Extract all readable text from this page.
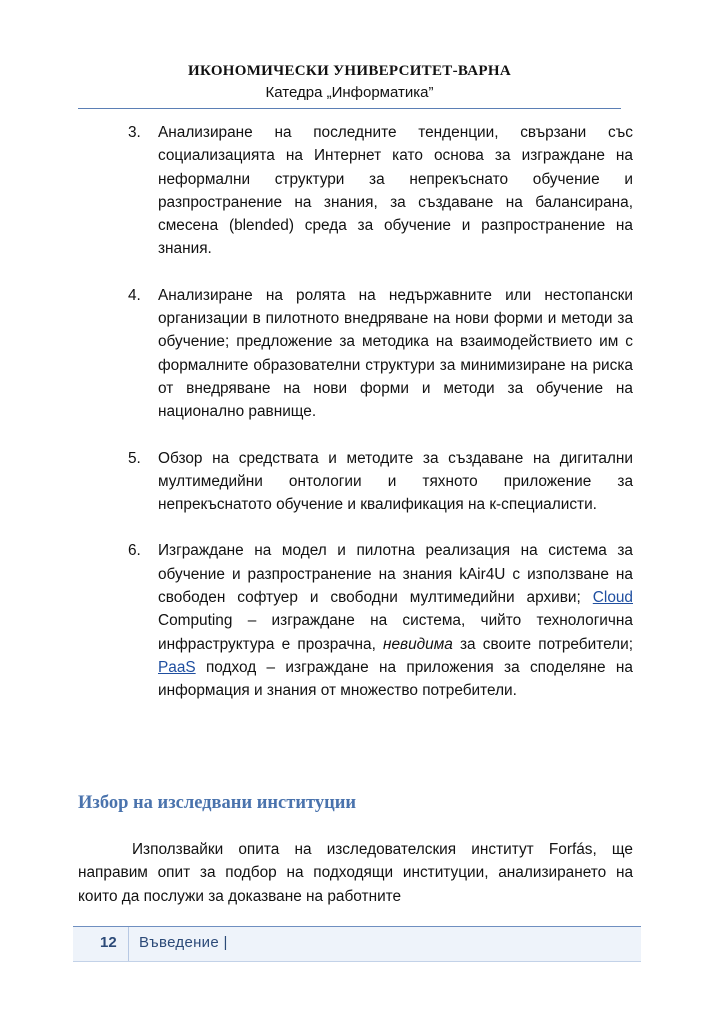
ИКОНОМИЧЕСКИ УНИВЕРСИТЕТ-ВАРНА
Катедра „Информатика”
3. Анализиране на последните тенденции, свързани със социализацията на Интернет като основа за изграждане на неформални структури за непрекъснато обучение и разпространение на знания, за създаване на балансирана, смесена (blended) среда за обучение и разпространение на знания.
4. Анализиране на ролята на недържавните или нестопански организации в пилотното внедряване на нови форми и методи за обучение; предложение за методика на взаимодействието им с формалните образователни структури за минимизиране на риска от внедряване на нови форми и методи за обучение на национално равнище.
5. Обзор на средствата и методите за създаване на дигитални мултимедийни онтологии и тяхното приложение за непрекъснатото обучение и квалификация на к-специалисти.
6. Изграждане на модел и пилотна реализация на система за обучение и разпространение на знания kAir4U с използване на свободен софтуер и свободни мултимедийни архиви; Cloud Computing – изграждане на система, чийто технологична инфраструктура е прозрачна, невидима за своите потребители; PaaS подход – изграждане на приложения за споделяне на информация и знания от множество потребители.
Избор на изследвани институции

Използвайки опита на изследователския институт Forfás, ще направим опит за подбор на подходящи институции, анализирането на които да послужи за доказване на работните

12 Въведение |
